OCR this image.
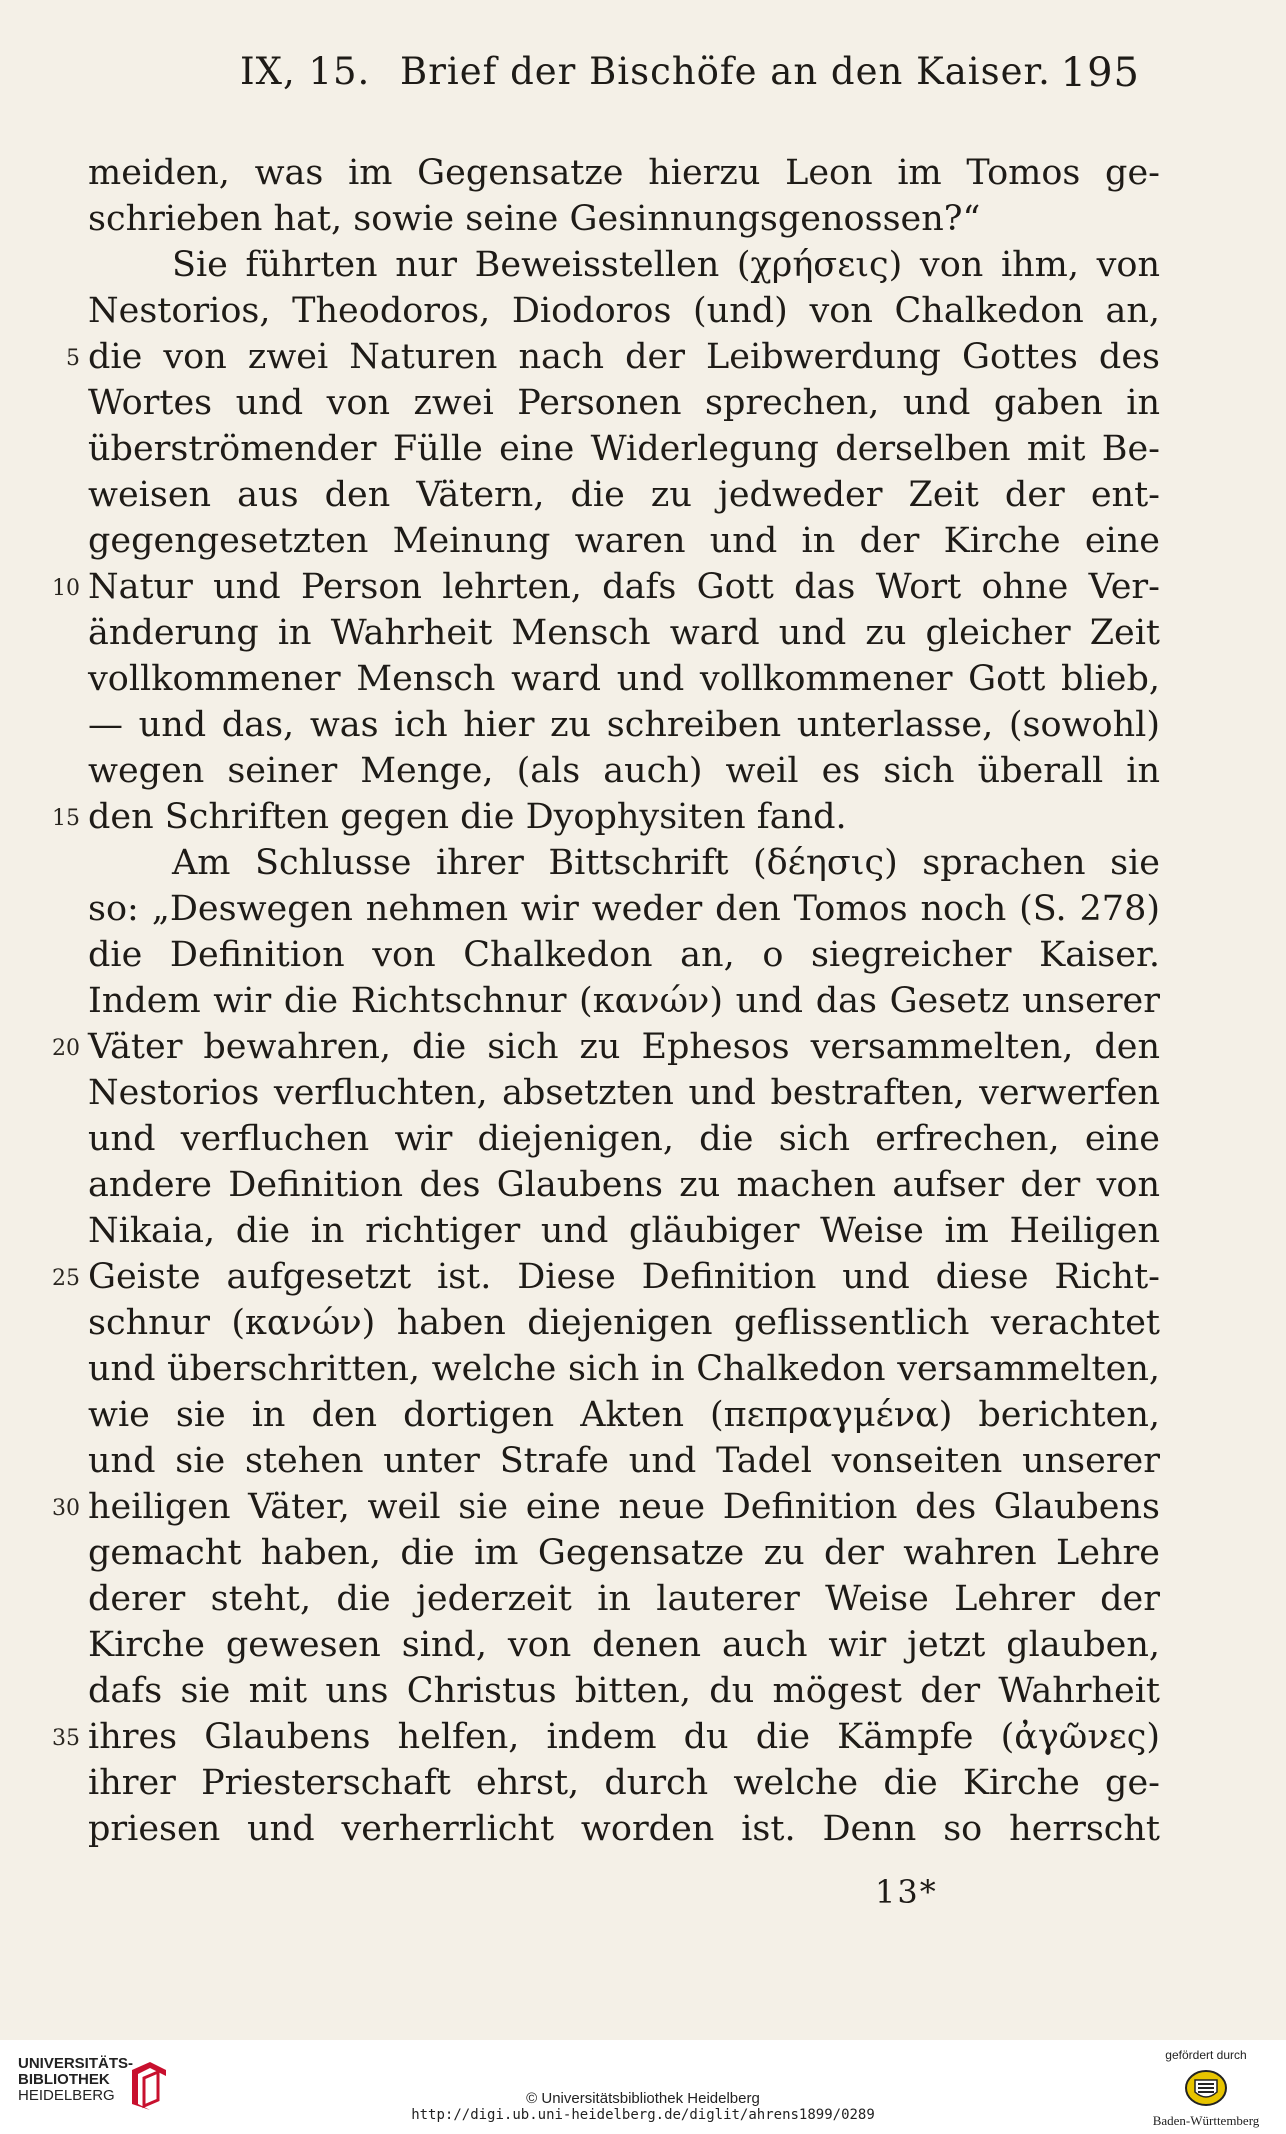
IX, 15. Brief der Bischöfe an den Kaiser. 195
meiden, was im Gegensatze hierzu Leon im Tomos ge-
schrieben hat, sowie seine Gesinnungsgenossen?“
Sie führten nur Beweisstellen (χρήσεις) von ihm, von
Nestorios, Theodoros, Diodoros (und) von Chalkedon an,
5 die von zwei Naturen nach der Leibwerdung Gottes des
Wortes und von zwei Personen sprechen, und gaben in
überströmender Fülle eine Widerlegung derselben mit Be-
weisen aus den Vätern, die zu jedweder Zeit der ent-
gegengesetzten Meinung waren und in der Kirche eine
10 Natur und Person lehrten, dafs Gott das Wort ohne Ver-
änderung in Wahrheit Mensch ward und zu gleicher Zeit
vollkommener Mensch ward und vollkommener Gott blieb,
— und das, was ich hier zu schreiben unterlasse, (sowohl)
wegen seiner Menge, (als auch) weil es sich überall in
15 den Schriften gegen die Dyophysiten fand.
Am Schlusse ihrer Bittschrift (δέησις) sprachen sie
so: „Deswegen nehmen wir weder den Tomos noch (S. 278)
die Definition von Chalkedon an, o siegreicher Kaiser.
Indem wir die Richtschnur (κανών) und das Gesetz unserer
20 Väter bewahren, die sich zu Ephesos versammelten, den
Nestorios verfluchten, absetzten und bestraften, verwerfen
und verfluchen wir diejenigen, die sich erfrechen, eine
andere Definition des Glaubens zu machen aufser der von
Nikaia, die in richtiger und gläubiger Weise im Heiligen
25 Geiste aufgesetzt ist. Diese Definition und diese Richt-
schnur (κανών) haben diejenigen geflissentlich verachtet
und überschritten, welche sich in Chalkedon versammelten,
wie sie in den dortigen Akten (πεπραγμένα) berichten,
und sie stehen unter Strafe und Tadel vonseiten unserer
30 heiligen Väter, weil sie eine neue Definition des Glaubens
gemacht haben, die im Gegensatze zu der wahren Lehre
derer steht, die jederzeit in lauterer Weise Lehrer der
Kirche gewesen sind, von denen auch wir jetzt glauben,
dafs sie mit uns Christus bitten, du mögest der Wahrheit
35 ihres Glaubens helfen, indem du die Kämpfe (ἀγῶνες)
ihrer Priesterschaft ehrst, durch welche die Kirche ge-
priesen und verherrlicht worden ist. Denn so herrscht
13*
UNIVERSITÄTS-
BIBLIOTHEK
HEIDELBERG	© Universitätsbibliothek Heidelberg
http://digi.ub.uni-heidelberg.de/diglit/ahrens1899/0289
gefördert durch
Baden-Württemberg
